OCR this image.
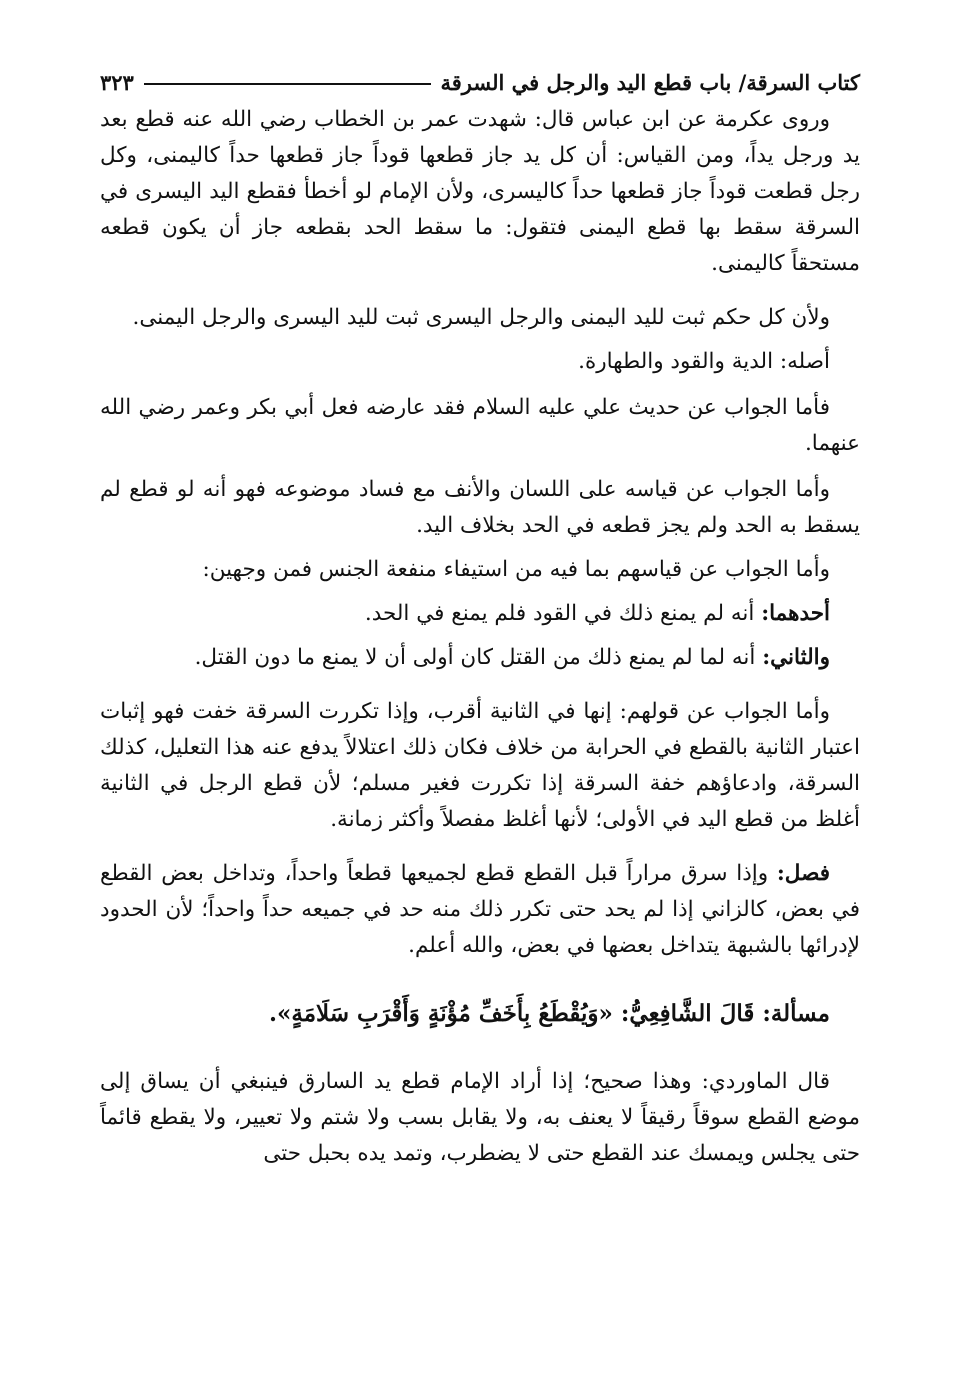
كتاب السرقة/ باب قطع اليد والرجل في السرقة
٣٢٣

وروى عكرمة عن ابن عباس قال: شهدت عمر بن الخطاب رضي الله عنه قطع بعد يد ورجل يداً، ومن القياس: أن كل يد جاز قطعها قوداً جاز قطعها حداً كاليمنى، وكل رجل قطعت قوداً جاز قطعها حداً كاليسرى، ولأن الإمام لو أخطأ فقطع اليد اليسرى في السرقة سقط بها قطع اليمنى فتقول: ما سقط الحد بقطعه جاز أن يكون قطعه مستحقاً كاليمنى.

ولأن كل حكم ثبت لليد اليمنى والرجل اليسرى ثبت لليد اليسرى والرجل اليمنى.

أصله: الدية والقود والطهارة.

فأما الجواب عن حديث علي عليه السلام فقد عارضه فعل أبي بكر وعمر رضي الله عنهما.

وأما الجواب عن قياسه على اللسان والأنف مع فساد موضوعه فهو أنه لو قطع لم يسقط به الحد ولم يجز قطعه في الحد بخلاف اليد.

وأما الجواب عن قياسهم بما فيه من استيفاء منفعة الجنس فمن وجهين:

أحدهما: أنه لم يمنع ذلك في القود فلم يمنع في الحد.

والثاني: أنه لما لم يمنع ذلك من القتل كان أولى أن لا يمنع ما دون القتل.

وأما الجواب عن قولهم: إنها في الثانية أقرب، وإذا تكررت السرقة خفت فهو إثبات اعتبار الثانية بالقطع في الحرابة من خلاف فكان ذلك اعتلالاً يدفع عنه هذا التعليل، كذلك السرقة، وادعاؤهم خفة السرقة إذا تكررت فغير مسلم؛ لأن قطع الرجل في الثانية أغلظ من قطع اليد في الأولى؛ لأنها أغلظ مفصلاً وأكثر زمانة.

فصل: وإذا سرق مراراً قبل القطع قطع لجميعها قطعاً واحداً، وتداخل بعض القطع في بعض، كالزاني إذا لم يحد حتى تكرر ذلك منه حد في جميعه حداً واحداً؛ لأن الحدود لإدرائها بالشبهة يتداخل بعضها في بعض، والله أعلم.

مسألة: قَالَ الشَّافِعِيُّ: «وَيُقْطَعُ بِأَخَفِّ مُؤْنَةٍ وَأَقْرَبِ سَلَامَةٍ».

قال الماوردي: وهذا صحيح؛ إذا أراد الإمام قطع يد السارق فينبغي أن يساق إلى موضع القطع سوقاً رقيقاً لا يعنف به، ولا يقابل بسب ولا شتم ولا تعيير، ولا يقطع قائماً حتى يجلس ويمسك عند القطع حتى لا يضطرب، وتمد يده بحبل حتى
